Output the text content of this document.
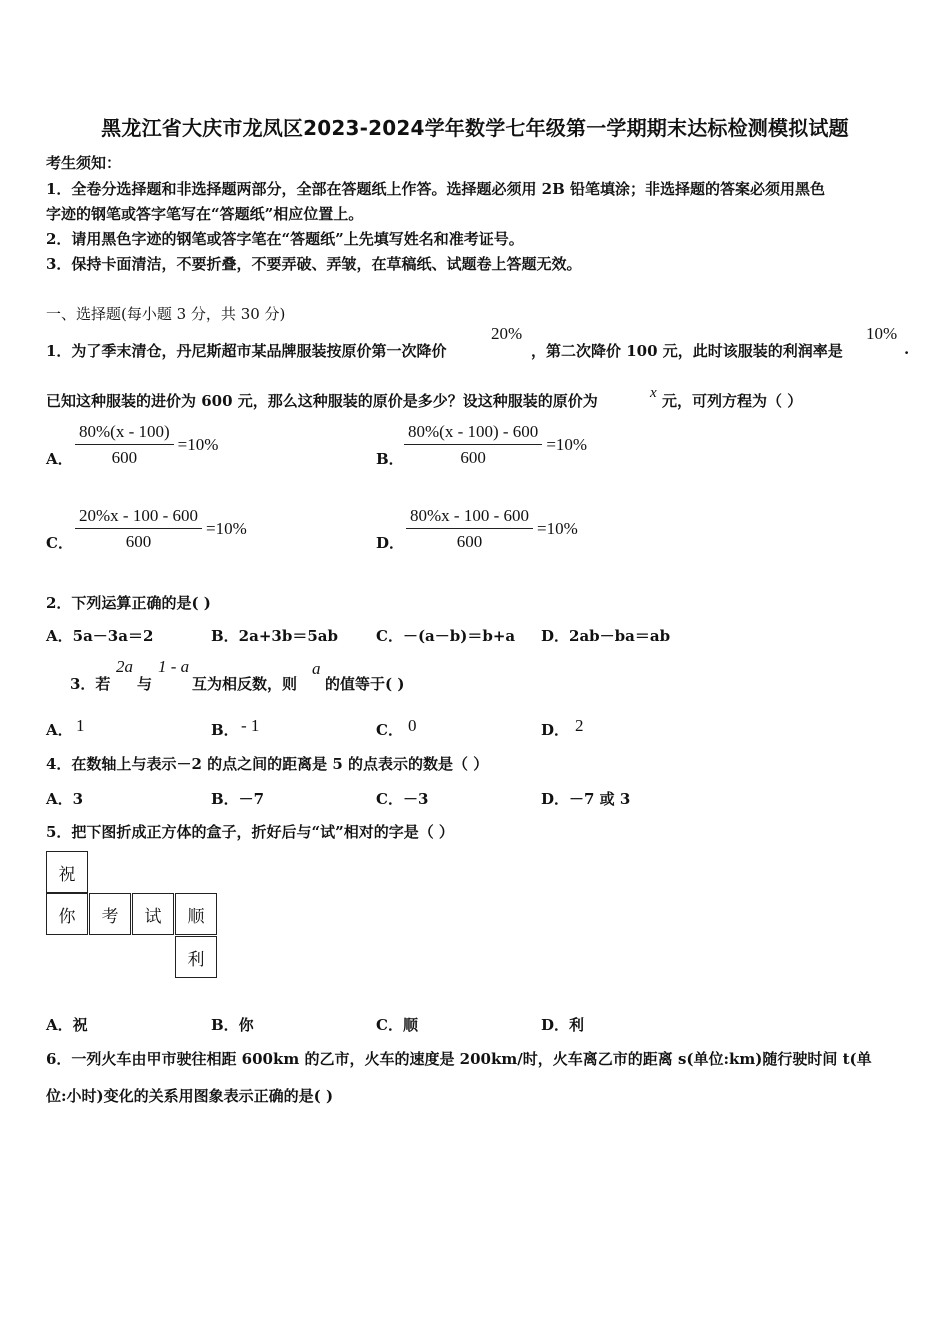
黑龙江省大庆市龙凤区2023-2024学年数学七年级第一学期期末达标检测模拟试题
考生须知：
1．全卷分选择题和非选择题两部分，全部在答题纸上作答。选择题必须用 2B 铅笔填涂；非选择题的答案必须用黑色
字迹的钢笔或答字笔写在“答题纸”相应位置上。
2．请用黑色字迹的钢笔或答字笔在“答题纸”上先填写姓名和准考证号。
3．保持卡面清洁，不要折叠，不要弄破、弄皱，在草稿纸、试题卷上答题无效。
一、选择题(每小题 3 分，共 30 分)
1．为了季末清仓，丹尼斯超市某品牌服装按原价第一次降价
20%
，第二次降价 100 元，此时该服装的利润率是
10%
.
已知这种服装的进价为 600 元，那么这种服装的原价是多少？设这种服装的原价为	x 元，可列方程为（ ）
A． $\frac{80\%(x - 100)}{600} =10\%$
B． $\frac{80\%(x - 100) - 600}{600} =10\%$
C． $\frac{20\%x - 100 - 600}{600} =10\%$
D． $\frac{80\%x - 100 - 600}{600} =10\%$
2．下列运算正确的是( )
A．5a－3a＝2	B．2a+3b＝5ab	C．－(a－b)＝b+a D．2ab－ba＝ab
3．若
2a
与
1 - a
互为相反数，则
a
的值等于( )
A． 1	B． - 1	C． 0	D． 2
4．在数轴上与表示－2 的点之间的距离是 5 的点表示的数是（ ）
A．3	B．－7	C．－3	D．－7 或 3
5．把下图折成正方体的盒子，折好后与“试”相对的字是（ ）
祝
你	考	试	顺
利
A．祝	B．你	C．顺	D．利
6．一列火车由甲市驶往相距 600km 的乙市，火车的速度是 200km/时，火车离乙市的距离 s(单位:km)随行驶时间 t(单
位:小时)变化的关系用图象表示正确的是( )
